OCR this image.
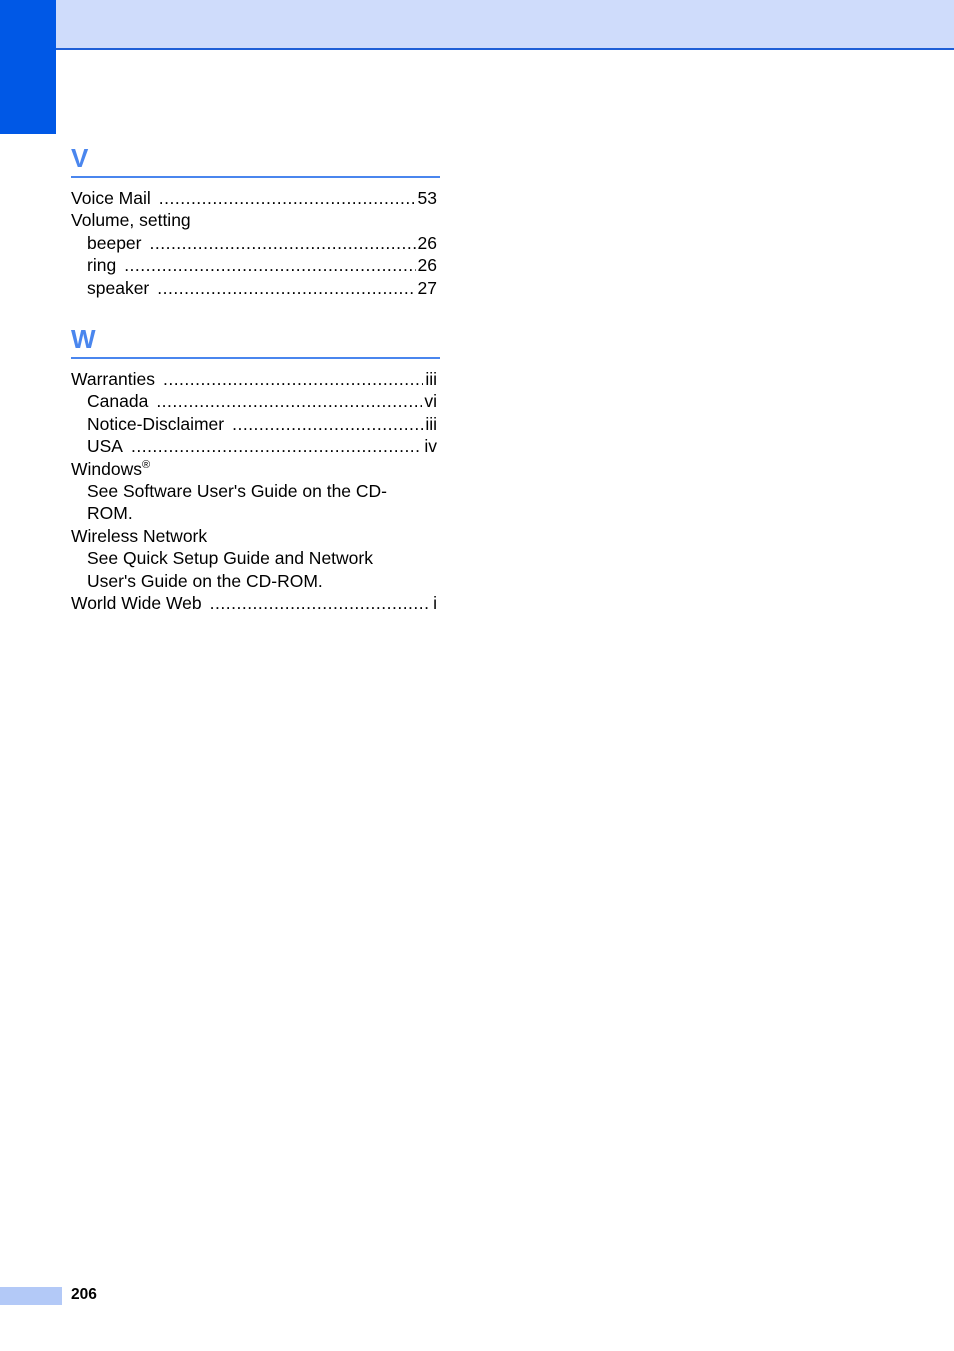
V
Voice Mail .....	53
Volume, setting
beeper .....	26
ring .....	26
speaker .....	27
W
Warranties .....	iii
Canada .....	vi
Notice-Disclaimer .....	iii
USA .....	iv
Windows®
See Software User's Guide on the CD-ROM.
Wireless Network
See Quick Setup Guide and Network User's Guide on the CD-ROM.
World Wide Web .....	i
206
